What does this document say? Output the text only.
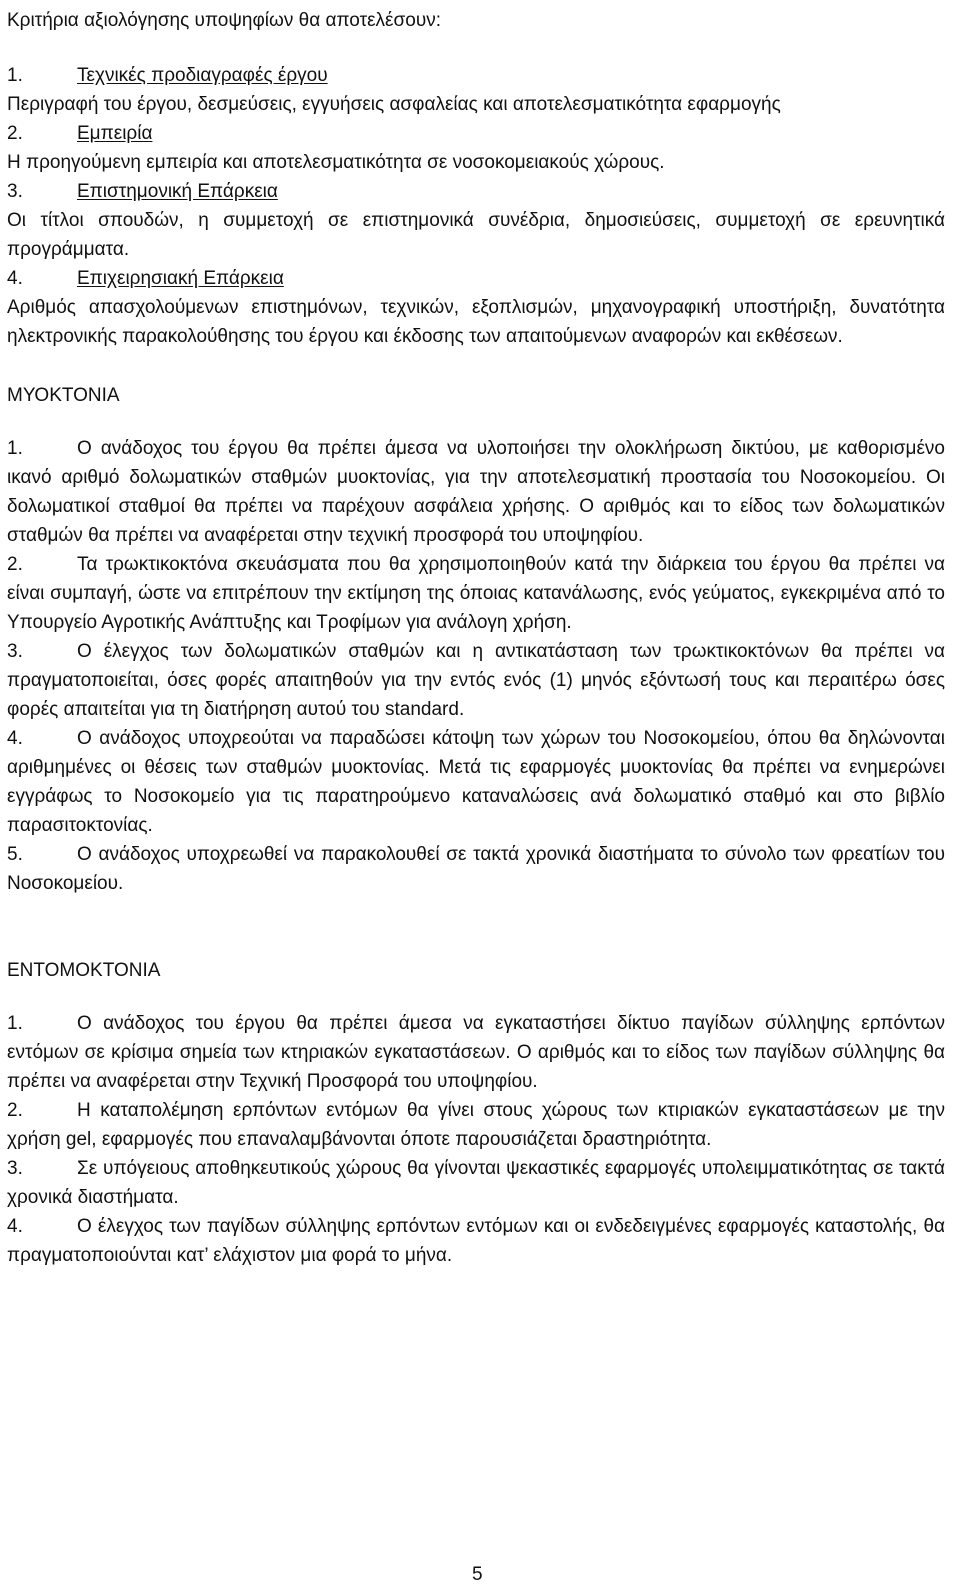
Κριτήρια αξιολόγησης υποψηφίων θα αποτελέσουν:

1.	Τεχνικές προδιαγραφές έργου
Περιγραφή του έργου, δεσμεύσεις, εγγυήσεις ασφαλείας και αποτελεσματικότητα εφαρμογής

2.	Εμπειρία
Η προηγούμενη εμπειρία και αποτελεσματικότητα σε νοσοκομειακούς χώρους.

3.	Επιστημονική Επάρκεια
Οι τίτλοι σπουδών, η συμμετοχή σε επιστημονικά συνέδρια, δημοσιεύσεις, συμμετοχή σε ερευνητικά προγράμματα.

4.	Επιχειρησιακή Επάρκεια
Αριθμός απασχολούμενων επιστημόνων, τεχνικών, εξοπλισμών, μηχανογραφική υποστήριξη, δυνατότητα ηλεκτρονικής παρακολούθησης του έργου και έκδοσης των απαιτούμενων αναφορών και εκθέσεων.

ΜΥΟΚΤΟΝΙΑ

1.	Ο ανάδοχος του έργου θα πρέπει άμεσα να υλοποιήσει την ολοκλήρωση δικτύου, με καθορισμένο ικανό αριθμό δολωματικών σταθμών μυοκτονίας, για την αποτελεσματική προστασία του Νοσοκομείου. Οι δολωματικοί σταθμοί θα πρέπει να παρέχουν ασφάλεια χρήσης. Ο αριθμός και το είδος των δολωματικών σταθμών θα πρέπει να αναφέρεται στην τεχνική προσφορά του υποψηφίου.

2.	Τα τρωκτικοκτόνα σκευάσματα που θα χρησιμοποιηθούν κατά την διάρκεια του έργου θα πρέπει να είναι συμπαγή, ώστε να επιτρέπουν την εκτίμηση της όποιας κατανάλωσης, ενός γεύματος, εγκεκριμένα από το Υπουργείο Αγροτικής Ανάπτυξης και Τροφίμων για ανάλογη χρήση.

3.	Ο έλεγχος των δολωματικών σταθμών και η αντικατάσταση των τρωκτικοκτόνων θα πρέπει να πραγματοποιείται, όσες φορές απαιτηθούν για την εντός ενός (1) μηνός εξόντωσή τους και περαιτέρω όσες φορές απαιτείται για τη διατήρηση αυτού του standard.

4.	Ο ανάδοχος υποχρεούται να παραδώσει κάτοψη των χώρων του Νοσοκομείου, όπου θα δηλώνονται αριθμημένες οι θέσεις των σταθμών μυοκτονίας. Μετά τις εφαρμογές μυοκτονίας θα πρέπει να ενημερώνει εγγράφως το Νοσοκομείο για τις παρατηρούμενο καταναλώσεις ανά δολωματικό σταθμό και στο βιβλίο παρασιτοκτονίας.

5.	Ο ανάδοχος υποχρεωθεί να παρακολουθεί σε τακτά χρονικά διαστήματα το σύνολο των φρεατίων του Νοσοκομείου.

ΕΝΤΟΜΟΚΤΟΝΙΑ

1.	Ο ανάδοχος του έργου θα πρέπει άμεσα να εγκαταστήσει δίκτυο παγίδων σύλληψης ερπόντων εντόμων σε κρίσιμα σημεία των κτηριακών εγκαταστάσεων. Ο αριθμός και το είδος των παγίδων σύλληψης θα πρέπει να αναφέρεται στην Τεχνική Προσφορά του υποψηφίου.

2.	Η καταπολέμηση ερπόντων εντόμων θα γίνει στους χώρους των κτιριακών εγκαταστάσεων με την χρήση gel, εφαρμογές που επαναλαμβάνονται όποτε παρουσιάζεται δραστηριότητα.

3.	Σε υπόγειους αποθηκευτικούς χώρους θα γίνονται ψεκαστικές εφαρμογές υπολειμματικότητας σε τακτά χρονικά διαστήματα.

4.	Ο έλεγχος των παγίδων σύλληψης ερπόντων εντόμων και οι ενδεδειγμένες εφαρμογές καταστολής, θα πραγματοποιούνται κατ’ ελάχιστον μια φορά το μήνα.

5
